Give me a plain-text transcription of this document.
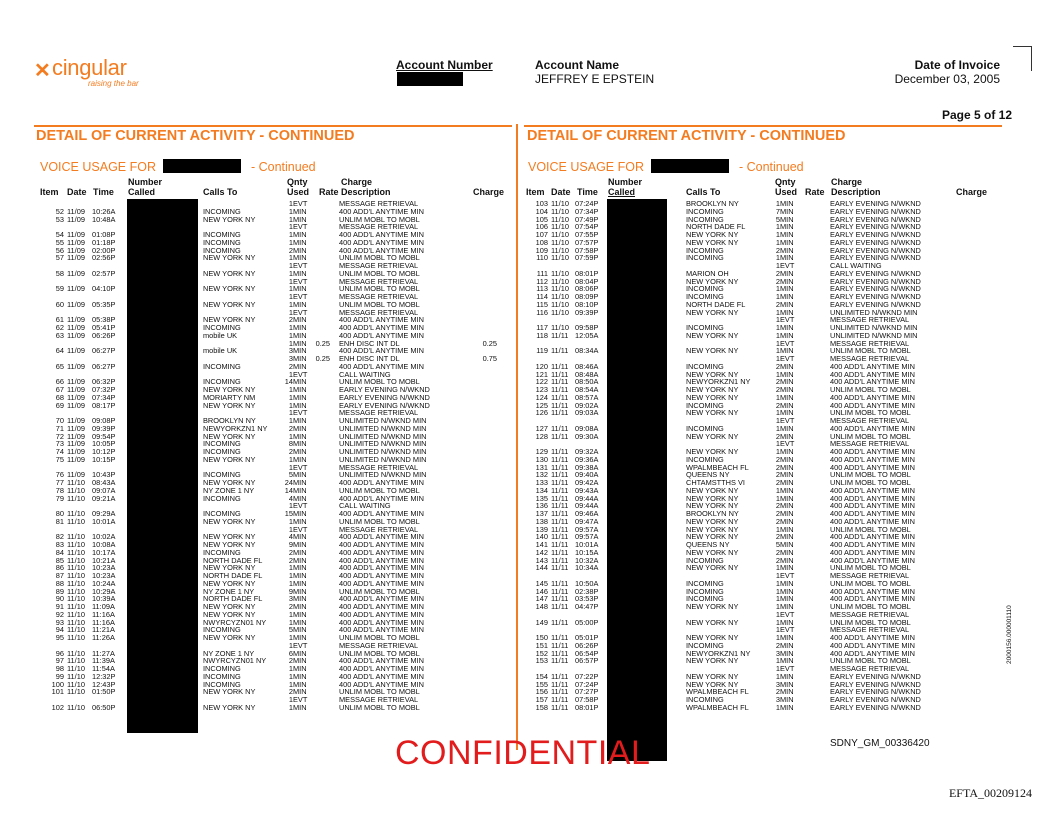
✕ cingular
raising the bar
Account Number	Account Name
JEFFREY E EPSTEIN
Date of Invoice
December 03, 2005
Page 5 of 12
DETAIL OF CURRENT ACTIVITY - CONTINUED	DETAIL OF CURRENT ACTIVITY - CONTINUED
VOICE USAGE FOR	- Continued	VOICE USAGE FOR	- Continued
Item Date Time
Number
Called	Calls To
Qnty
Used Rate
Charge
Description	Charge Item Date Time
Number
Called	Calls To
Qnty
Used Rate
Charge
Description	Charge
1 EVT	MESSAGE RETRIEVAL
52 11/09 10:26A	INCOMING	1 MIN	400 ADD'L ANYTIME MIN
53 11/09 10:48A	NEW YORK NY	1 MIN	UNLIM MOBL TO MOBL
1 EVT	MESSAGE RETRIEVAL
54 11/09 01:08P	INCOMING	1 MIN	400 ADD'L ANYTIME MIN
55 11/09 01:18P	INCOMING	1 MIN	400 ADD'L ANYTIME MIN
56 11/09 02:00P	INCOMING	2 MIN	400 ADD'L ANYTIME MIN
57 11/09 02:56P	NEW YORK NY	1 MIN	UNLIM MOBL TO MOBL
1 EVT	MESSAGE RETRIEVAL
58 11/09 02:57P	NEW YORK NY	1 MIN	UNLIM MOBL TO MOBL
1 EVT	MESSAGE RETRIEVAL
59 11/09 04:10P	NEW YORK NY	1 MIN	UNLIM MOBL TO MOBL
1 EVT	MESSAGE RETRIEVAL
60 11/09 05:35P	NEW YORK NY	1 MIN	UNLIM MOBL TO MOBL
1 EVT	MESSAGE RETRIEVAL
61 11/09 05:38P	NEW YORK NY	2 MIN	400 ADD'L ANYTIME MIN
62 11/09 05:41P	INCOMING	1 MIN	400 ADD'L ANYTIME MIN
63 11/09 06:26P	mobile UK	1 MIN	400 ADD'L ANYTIME MIN
1 MIN	0.25 ENH DISC INT DL	0.25
64 11/09 06:27P	mobile UK	3 MIN	400 ADD'L ANYTIME MIN
3 MIN	0.25 ENH DISC INT DL	0.75
65 11/09 06:27P	INCOMING	2 MIN	400 ADD'L ANYTIME MIN
1 EVT	CALL WAITING
66 11/09 06:32P	INCOMING	14 MIN	UNLIM MOBL TO MOBL
67 11/09 07:32P	NEW YORK NY	1 MIN	EARLY EVENING N/WKND
68 11/09 07:34P	MORIARTY NM	1 MIN	EARLY EVENING N/WKND
69 11/09 08:17P	NEW YORK NY	1 MIN	EARLY EVENING N/WKND
1 EVT	MESSAGE RETRIEVAL
70 11/09 09:08P	BROOKLYN NY	1 MIN	UNLIMITED N/WKND MIN
71 11/09 09:39P	NEWYORKZN1 NY	2 MIN	UNLIMITED N/WKND MIN
72 11/09 09:54P	NEW YORK NY	1 MIN	UNLIMITED N/WKND MIN
73 11/09 10:05P	INCOMING	8 MIN	UNLIMITED N/WKND MIN
74 11/09 10:12P	INCOMING	2 MIN	UNLIMITED N/WKND MIN
75 11/09 10:15P	NEW YORK NY	1 MIN	UNLIMITED N/WKND MIN
1 EVT	MESSAGE RETRIEVAL
76 11/09 10:43P	INCOMING	5 MIN	UNLIMITED N/WKND MIN
77 11/10 08:43A	NEW YORK NY	24 MIN	400 ADD'L ANYTIME MIN
78 11/10 09:07A	NY ZONE 1 NY	14 MIN	UNLIM MOBL TO MOBL
79 11/10 09:21A	INCOMING	4 MIN	400 ADD'L ANYTIME MIN
1 EVT	CALL WAITING
80 11/10 09:29A	INCOMING	15 MIN	400 ADD'L ANYTIME MIN
81 11/10 10:01A	NEW YORK NY	1 MIN	UNLIM MOBL TO MOBL
1 EVT	MESSAGE RETRIEVAL
82 11/10 10:02A	NEW YORK NY	4 MIN	400 ADD'L ANYTIME MIN
83 11/10 10:08A	NEW YORK NY	9 MIN	400 ADD'L ANYTIME MIN
84 11/10 10:17A	INCOMING	2 MIN	400 ADD'L ANYTIME MIN
85 11/10 10:21A	NORTH DADE FL	2 MIN	400 ADD'L ANYTIME MIN
86 11/10 10:23A	NEW YORK NY	1 MIN	400 ADD'L ANYTIME MIN
87 11/10 10:23A	NORTH DADE FL	1 MIN	400 ADD'L ANYTIME MIN
88 11/10 10:24A	NEW YORK NY	1 MIN	400 ADD'L ANYTIME MIN
89 11/10 10:29A	NY ZONE 1 NY	9 MIN	UNLIM MOBL TO MOBL
90 11/10 10:39A	NORTH DADE FL	3 MIN	400 ADD'L ANYTIME MIN
91 11/10 11:09A	NEW YORK NY	2 MIN	400 ADD'L ANYTIME MIN
92 11/10 11:16A	NEW YORK NY	1 MIN	400 ADD'L ANYTIME MIN
93 11/10 11:16A	NWYRCYZN01 NY	1 MIN	400 ADD'L ANYTIME MIN
94 11/10 11:21A	INCOMING	5 MIN	400 ADD'L ANYTIME MIN
95 11/10 11:26A	NEW YORK NY	1 MIN	UNLIM MOBL TO MOBL
1 EVT	MESSAGE RETRIEVAL
96 11/10 11:27A	NY ZONE 1 NY	6 MIN	UNLIM MOBL TO MOBL
97 11/10 11:39A	NWYRCYZN01 NY	2 MIN	400 ADD'L ANYTIME MIN
98 11/10 11:54A	INCOMING	1 MIN	400 ADD'L ANYTIME MIN
99 11/10 12:32P	INCOMING	1 MIN	400 ADD'L ANYTIME MIN
100 11/10 12:43P	INCOMING	1 MIN	400 ADD'L ANYTIME MIN
101 11/10 01:50P	NEW YORK NY	2 MIN	UNLIM MOBL TO MOBL
1 EVT	MESSAGE RETRIEVAL
102 11/10 06:50P	NEW YORK NY	1 MIN	UNLIM MOBL TO MOBL
103 11/10 07:24P	BROOKLYN NY	1 MIN	EARLY EVENING N/WKND
104 11/10 07:34P	INCOMING	7 MIN	EARLY EVENING N/WKND
105 11/10 07:49P	INCOMING	5 MIN	EARLY EVENING N/WKND
106 11/10 07:54P	NORTH DADE FL	1 MIN	EARLY EVENING N/WKND
107 11/10 07:55P	NEW YORK NY	1 MIN	EARLY EVENING N/WKND
108 11/10 07:57P	NEW YORK NY	1 MIN	EARLY EVENING N/WKND
109 11/10 07:58P	INCOMING	2 MIN	EARLY EVENING N/WKND
110 11/10 07:59P	INCOMING	1 MIN	EARLY EVENING N/WKND
1 EVT	CALL WAITING
111 11/10 08:01P	MARION OH	2 MIN	EARLY EVENING N/WKND
112 11/10 08:04P	NEW YORK NY	2 MIN	EARLY EVENING N/WKND
113 11/10 08:06P	INCOMING	1 MIN	EARLY EVENING N/WKND
114 11/10 08:09P	INCOMING	1 MIN	EARLY EVENING N/WKND
115 11/10 08:10P	NORTH DADE FL	2 MIN	EARLY EVENING N/WKND
116 11/10 09:39P	NEW YORK NY	1 MIN	UNLIMITED N/WKND MIN
1 EVT	MESSAGE RETRIEVAL
117 11/10 09:58P	INCOMING	1 MIN	UNLIMITED N/WKND MIN
118 11/11 12:05A	NEW YORK NY	1 MIN	UNLIMITED N/WKND MIN
1 EVT	MESSAGE RETRIEVAL
119 11/11 08:34A	NEW YORK NY	1 MIN	UNLIM MOBL TO MOBL
1 EVT	MESSAGE RETRIEVAL
120 11/11 08:46A	INCOMING	2 MIN	400 ADD'L ANYTIME MIN
121 11/11 08:48A	NEW YORK NY	1 MIN	400 ADD'L ANYTIME MIN
122 11/11 08:50A	NEWYORKZN1 NY	2 MIN	400 ADD'L ANYTIME MIN
123 11/11 08:54A	NEW YORK NY	2 MIN	UNLIM MOBL TO MOBL
124 11/11 08:57A	NEW YORK NY	1 MIN	400 ADD'L ANYTIME MIN
125 11/11 09:02A	INCOMING	2 MIN	400 ADD'L ANYTIME MIN
126 11/11 09:03A	NEW YORK NY	1 MIN	UNLIM MOBL TO MOBL
1 EVT	MESSAGE RETRIEVAL
127 11/11 09:08A	INCOMING	1 MIN	400 ADD'L ANYTIME MIN
128 11/11 09:30A	NEW YORK NY	2 MIN	UNLIM MOBL TO MOBL
1 EVT	MESSAGE RETRIEVAL
129 11/11 09:32A	NEW YORK NY	1 MIN	400 ADD'L ANYTIME MIN
130 11/11 09:36A	INCOMING	2 MIN	400 ADD'L ANYTIME MIN
131 11/11 09:38A	WPALMBEACH FL	2 MIN	400 ADD'L ANYTIME MIN
132 11/11 09:40A	QUEENS NY	2 MIN	UNLIM MOBL TO MOBL
133 11/11 09:42A	CHTAMSTTHS VI	2 MIN	UNLIM MOBL TO MOBL
134 11/11 09:43A	NEW YORK NY	1 MIN	400 ADD'L ANYTIME MIN
135 11/11 09:44A	NEW YORK NY	1 MIN	400 ADD'L ANYTIME MIN
136 11/11 09:44A	NEW YORK NY	2 MIN	400 ADD'L ANYTIME MIN
137 11/11 09:46A	BROOKLYN NY	2 MIN	400 ADD'L ANYTIME MIN
138 11/11 09:47A	NEW YORK NY	2 MIN	400 ADD'L ANYTIME MIN
139 11/11 09:57A	NEW YORK NY	1 MIN	UNLIM MOBL TO MOBL
140 11/11 09:57A	NEW YORK NY	2 MIN	400 ADD'L ANYTIME MIN
141 11/11 10:01A	QUEENS NY	5 MIN	400 ADD'L ANYTIME MIN
142 11/11 10:15A	NEW YORK NY	2 MIN	400 ADD'L ANYTIME MIN
143 11/11 10:32A	INCOMING	2 MIN	400 ADD'L ANYTIME MIN
144 11/11 10:34A	NEW YORK NY	1 MIN	UNLIM MOBL TO MOBL
1 EVT	MESSAGE RETRIEVAL
145 11/11 10:50A	INCOMING	1 MIN	UNLIM MOBL TO MOBL
146 11/11 02:38P	INCOMING	1 MIN	400 ADD'L ANYTIME MIN
147 11/11 03:53P	INCOMING	1 MIN	400 ADD'L ANYTIME MIN
148 11/11 04:47P	NEW YORK NY	1 MIN	UNLIM MOBL TO MOBL
1 EVT	MESSAGE RETRIEVAL
149 11/11 05:00P	NEW YORK NY	1 MIN	UNLIM MOBL TO MOBL
1 EVT	MESSAGE RETRIEVAL
150 11/11 05:01P	NEW YORK NY	1 MIN	400 ADD'L ANYTIME MIN
151 11/11 06:26P	INCOMING	2 MIN	400 ADD'L ANYTIME MIN
152 11/11 06:54P	NEWYORKZN1 NY	3 MIN	400 ADD'L ANYTIME MIN
153 11/11 06:57P	NEW YORK NY	1 MIN	UNLIM MOBL TO MOBL
1 EVT	MESSAGE RETRIEVAL
154 11/11 07:22P	NEW YORK NY	1 MIN	EARLY EVENING N/WKND
155 11/11 07:24P	NEW YORK NY	3 MIN	EARLY EVENING N/WKND
156 11/11 07:27P	WPALMBEACH FL	2 MIN	EARLY EVENING N/WKND
157 11/11 07:58P	INCOMING	3 MIN	EARLY EVENING N/WKND
158 11/11 08:01P	WPALMBEACH FL	1 MIN	EARLY EVENING N/WKND
CONFIDENTIAL	SDNY_GM_00336420
EFTA_00209124
2000156.000001110
